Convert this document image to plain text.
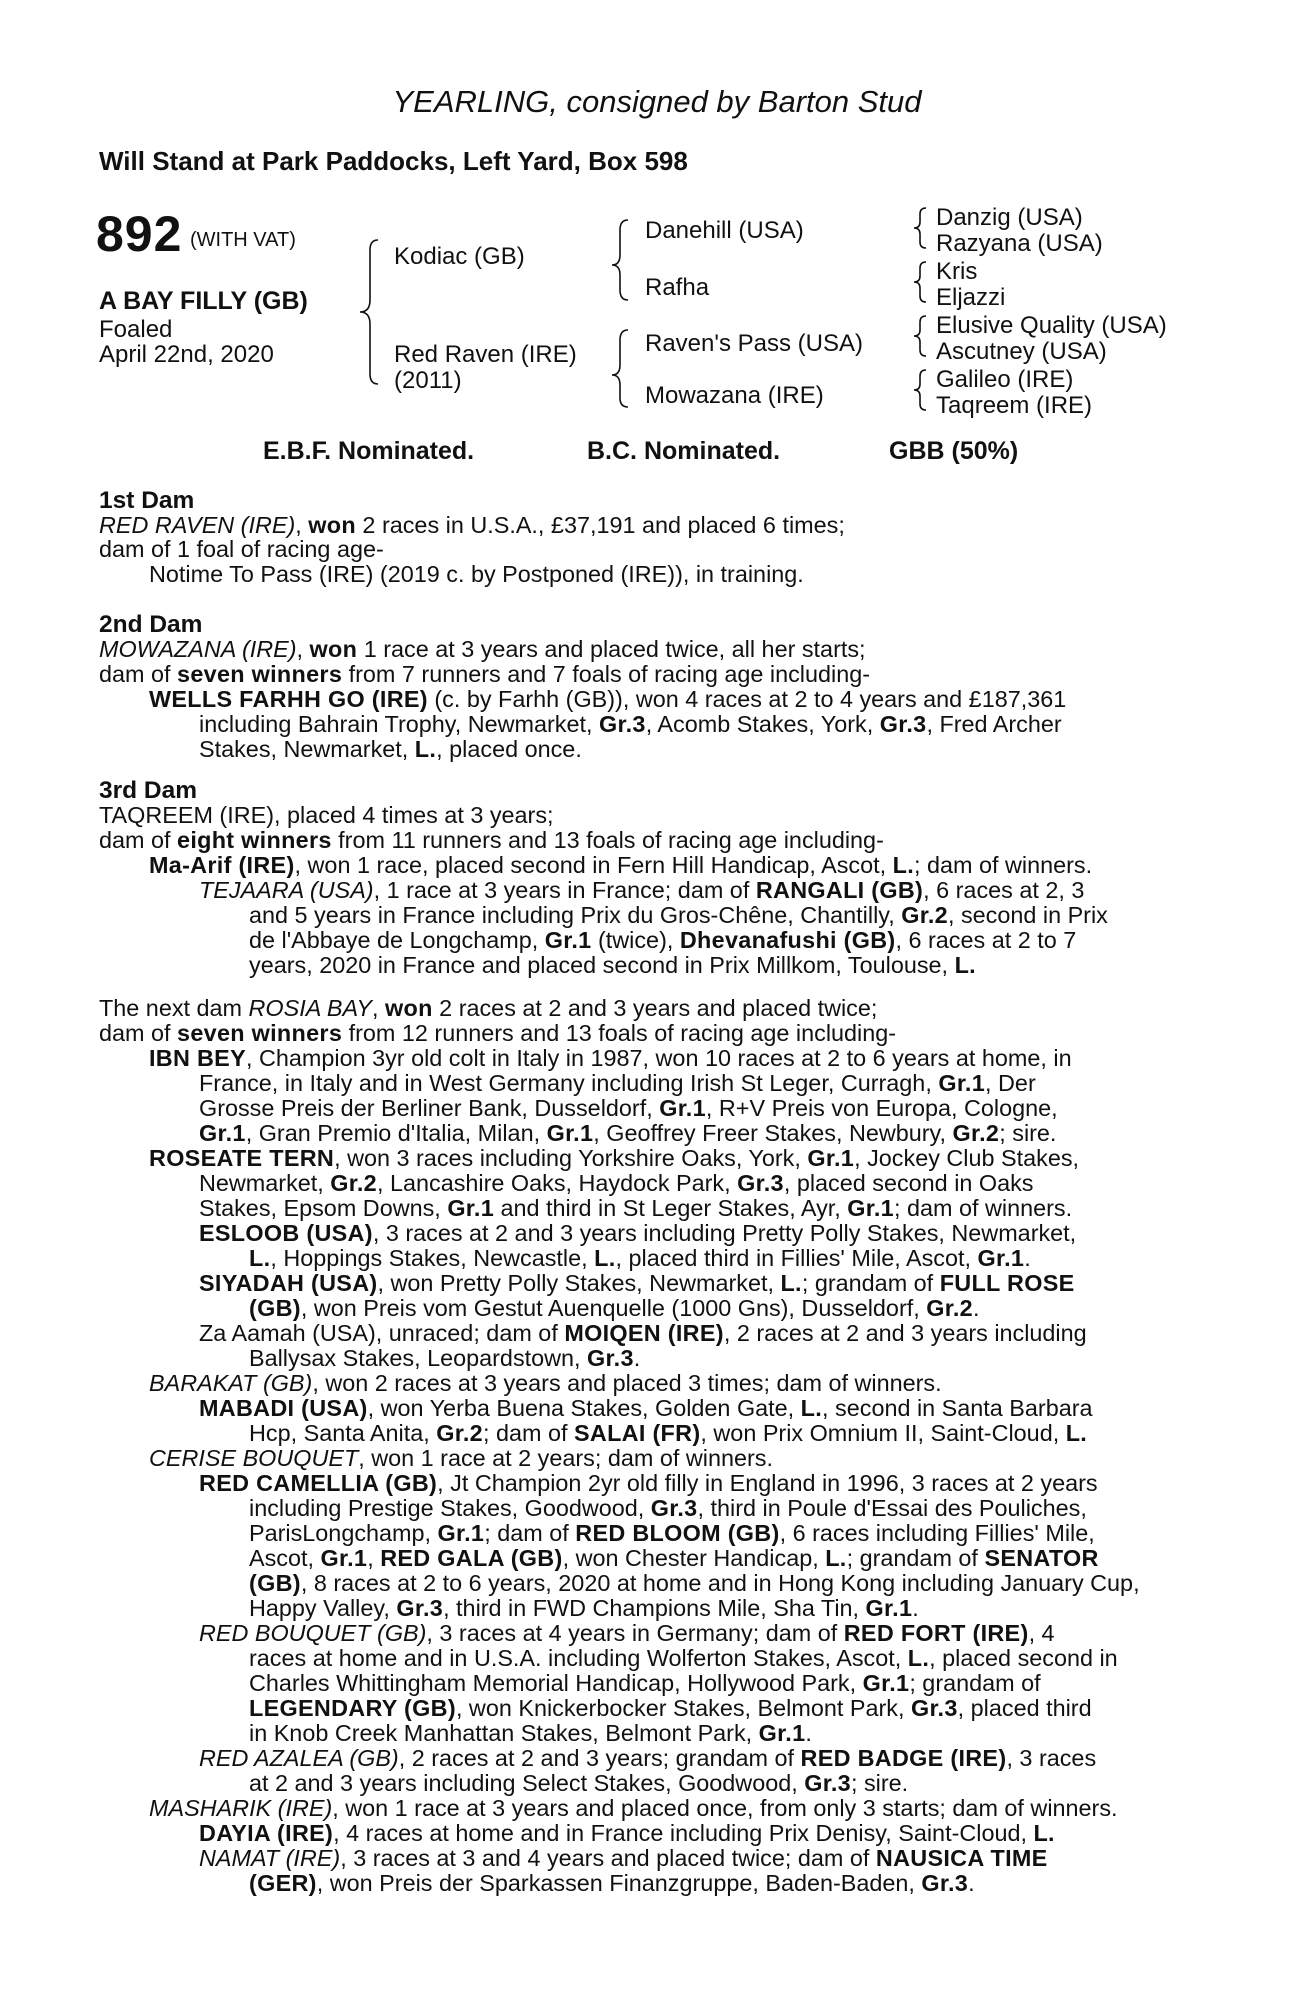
YEARLING, consigned by Barton Stud
Will Stand at Park Paddocks, Left Yard, Box 598
892 (WITH VAT)
A BAY FILLY (GB)
Foaled
April 22nd, 2020
Kodiac (GB)
Red Raven (IRE)
(2011)
Danehill (USA)
Rafha
Raven's Pass (USA)
Mowazana (IRE)
Danzig (USA)
Razyana (USA)
Kris
Eljazzi
Elusive Quality (USA)
Ascutney (USA)
Galileo (IRE)
Taqreem (IRE)
E.B.F. Nominated.	B.C. Nominated.	GBB (50%)
1st Dam
RED RAVEN (IRE), won 2 races in U.S.A., £37,191 and placed 6 times;
dam of 1 foal of racing age-
Notime To Pass (IRE) (2019 c. by Postponed (IRE)), in training.
2nd Dam
MOWAZANA (IRE), won 1 race at 3 years and placed twice, all her starts;
dam of seven winners from 7 runners and 7 foals of racing age including-
WELLS FARHH GO (IRE) (c. by Farhh (GB)), won 4 races at 2 to 4 years and £187,361
including Bahrain Trophy, Newmarket, Gr.3, Acomb Stakes, York, Gr.3, Fred Archer
Stakes, Newmarket, L., placed once.
3rd Dam
TAQREEM (IRE), placed 4 times at 3 years;
dam of eight winners from 11 runners and 13 foals of racing age including-
Ma-Arif (IRE), won 1 race, placed second in Fern Hill Handicap, Ascot, L.; dam of winners.
TEJAARA (USA), 1 race at 3 years in France; dam of RANGALI (GB), 6 races at 2, 3
and 5 years in France including Prix du Gros-Chêne, Chantilly, Gr.2, second in Prix
de l'Abbaye de Longchamp, Gr.1 (twice), Dhevanafushi (GB), 6 races at 2 to 7
years, 2020 in France and placed second in Prix Millkom, Toulouse, L.
The next dam ROSIA BAY, won 2 races at 2 and 3 years and placed twice;
dam of seven winners from 12 runners and 13 foals of racing age including-
IBN BEY, Champion 3yr old colt in Italy in 1987, won 10 races at 2 to 6 years at home, in
France, in Italy and in West Germany including Irish St Leger, Curragh, Gr.1, Der
Grosse Preis der Berliner Bank, Dusseldorf, Gr.1, R+V Preis von Europa, Cologne,
Gr.1, Gran Premio d'Italia, Milan, Gr.1, Geoffrey Freer Stakes, Newbury, Gr.2; sire.
ROSEATE TERN, won 3 races including Yorkshire Oaks, York, Gr.1, Jockey Club Stakes,
Newmarket, Gr.2, Lancashire Oaks, Haydock Park, Gr.3, placed second in Oaks
Stakes, Epsom Downs, Gr.1 and third in St Leger Stakes, Ayr, Gr.1; dam of winners.
ESLOOB (USA), 3 races at 2 and 3 years including Pretty Polly Stakes, Newmarket,
L., Hoppings Stakes, Newcastle, L., placed third in Fillies' Mile, Ascot, Gr.1.
SIYADAH (USA), won Pretty Polly Stakes, Newmarket, L.; grandam of FULL ROSE
(GB), won Preis vom Gestut Auenquelle (1000 Gns), Dusseldorf, Gr.2.
Za Aamah (USA), unraced; dam of MOIQEN (IRE), 2 races at 2 and 3 years including
Ballysax Stakes, Leopardstown, Gr.3.
BARAKAT (GB), won 2 races at 3 years and placed 3 times; dam of winners.
MABADI (USA), won Yerba Buena Stakes, Golden Gate, L., second in Santa Barbara
Hcp, Santa Anita, Gr.2; dam of SALAI (FR), won Prix Omnium II, Saint-Cloud, L.
CERISE BOUQUET, won 1 race at 2 years; dam of winners.
RED CAMELLIA (GB), Jt Champion 2yr old filly in England in 1996, 3 races at 2 years
including Prestige Stakes, Goodwood, Gr.3, third in Poule d'Essai des Pouliches,
ParisLongchamp, Gr.1; dam of RED BLOOM (GB), 6 races including Fillies' Mile,
Ascot, Gr.1, RED GALA (GB), won Chester Handicap, L.; grandam of SENATOR
(GB), 8 races at 2 to 6 years, 2020 at home and in Hong Kong including January Cup,
Happy Valley, Gr.3, third in FWD Champions Mile, Sha Tin, Gr.1.
RED BOUQUET (GB), 3 races at 4 years in Germany; dam of RED FORT (IRE), 4
races at home and in U.S.A. including Wolferton Stakes, Ascot, L., placed second in
Charles Whittingham Memorial Handicap, Hollywood Park, Gr.1; grandam of
LEGENDARY (GB), won Knickerbocker Stakes, Belmont Park, Gr.3, placed third
in Knob Creek Manhattan Stakes, Belmont Park, Gr.1.
RED AZALEA (GB), 2 races at 2 and 3 years; grandam of RED BADGE (IRE), 3 races
at 2 and 3 years including Select Stakes, Goodwood, Gr.3; sire.
MASHARIK (IRE), won 1 race at 3 years and placed once, from only 3 starts; dam of winners.
DAYIA (IRE), 4 races at home and in France including Prix Denisy, Saint-Cloud, L.
NAMAT (IRE), 3 races at 3 and 4 years and placed twice; dam of NAUSICA TIME
(GER), won Preis der Sparkassen Finanzgruppe, Baden-Baden, Gr.3.
